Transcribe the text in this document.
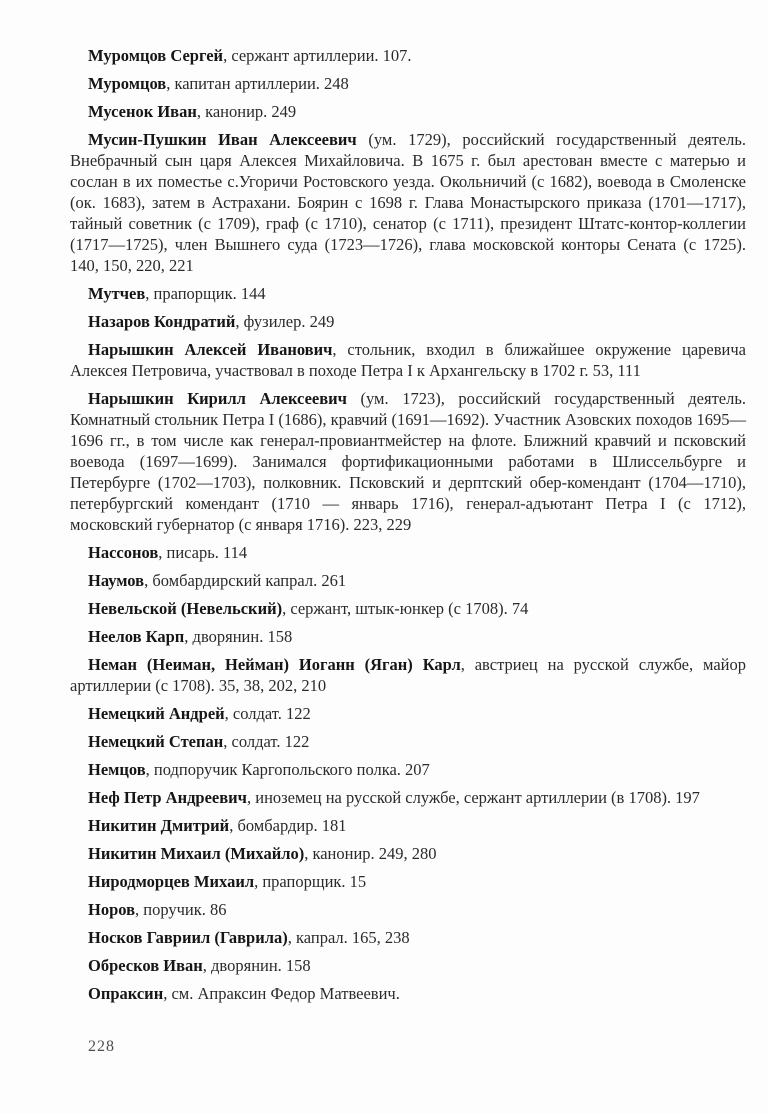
Муромцов Сергей, сержант артиллерии. 107.

Муромцов, капитан артиллерии. 248

Мусенок Иван, канонир. 249

Мусин-Пушкин Иван Алексеевич (ум. 1729), российский государственный деятель. Внебрачный сын царя Алексея Михайловича. В 1675 г. был арестован вместе с матерью и сослан в их поместье с.Угоричи Ростовского уезда. Окольничий (с 1682), воевода в Смоленске (ок. 1683), затем в Астрахани. Боярин с 1698 г. Глава Монастырского приказа (1701—1717), тайный советник (с 1709), граф (с 1710), сенатор (с 1711), президент Штатс-контор-коллегии (1717—1725), член Вышнего суда (1723—1726), глава московской конторы Сената (с 1725). 140, 150, 220, 221

Мутчев, прапорщик. 144

Назаров Кондратий, фузилер. 249

Нарышкин Алексей Иванович, стольник, входил в ближайшее окружение царевича Алексея Петровича, участвовал в походе Петра I к Архангельску в 1702 г. 53, 111

Нарышкин Кирилл Алексеевич (ум. 1723), российский государственный деятель. Комнатный стольник Петра I (1686), кравчий (1691—1692). Участник Азовских походов 1695—1696 гг., в том числе как генерал-провиантмейстер на флоте. Ближний кравчий и псковский воевода (1697—1699). Занимался фортификационными работами в Шлиссельбурге и Петербурге (1702—1703), полковник. Псковский и дерптский обер-комендант (1704—1710), петербургский комендант (1710 — январь 1716), генерал-адъютант Петра I (с 1712), московский губернатор (с января 1716). 223, 229

Нассонов, писарь. 114

Наумов, бомбардирский капрал. 261

Невельской (Невельский), сержант, штык-юнкер (с 1708). 74

Неелов Карп, дворянин. 158

Неман (Неиман, Нейман) Иоганн (Яган) Карл, австриец на русской службе, майор артиллерии (с 1708). 35, 38, 202, 210

Немецкий Андрей, солдат. 122

Немецкий Степан, солдат. 122

Немцов, подпоручик Каргопольского полка. 207

Неф Петр Андреевич, иноземец на русской службе, сержант артиллерии (в 1708). 197

Никитин Дмитрий, бомбардир. 181

Никитин Михаил (Михайло), канонир. 249, 280

Ниродморцев Михаил, прапорщик. 15

Норов, поручик. 86

Носков Гавриил (Гаврила), капрал. 165, 238

Обресков Иван, дворянин. 158

Опраксин, см. Апраксин Федор Матвеевич.

228
